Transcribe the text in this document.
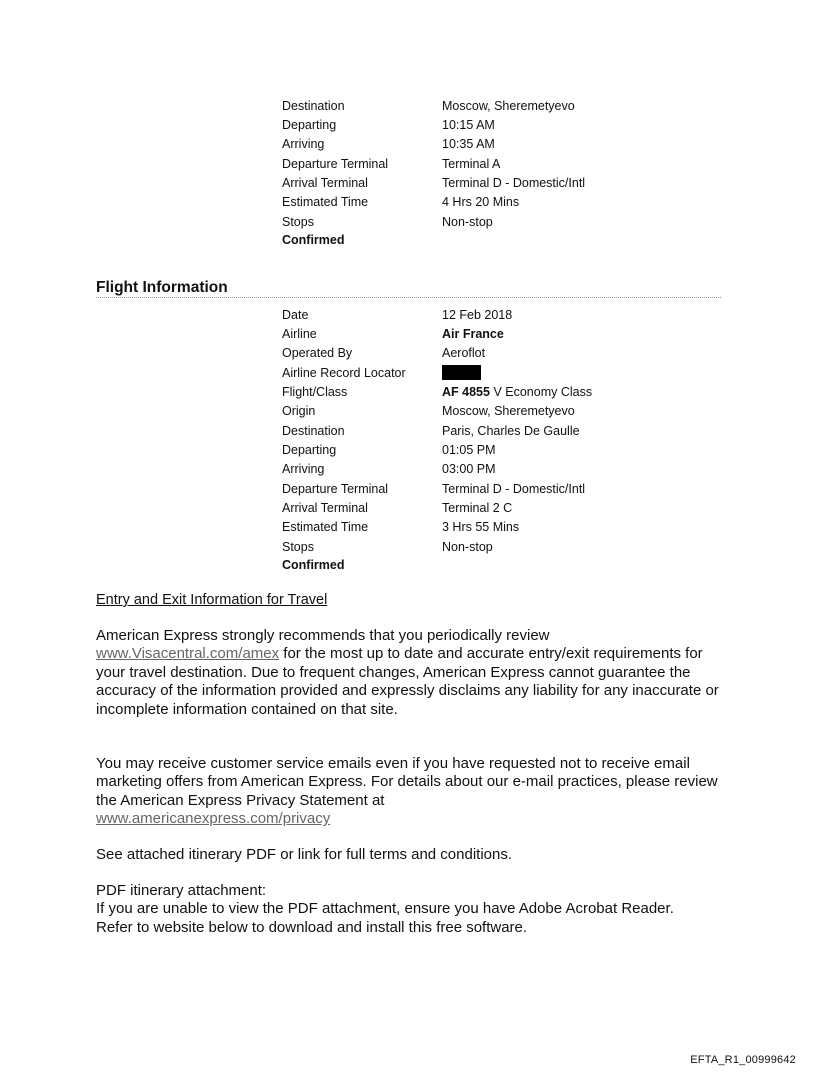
Destination	Moscow, Sheremetyevo
Departing	10:15 AM
Arriving	10:35 AM
Departure Terminal	Terminal A
Arrival Terminal	Terminal D - Domestic/Intl
Estimated Time	4 Hrs 20 Mins
Stops	Non-stop
Confirmed
Flight Information
Date	12 Feb 2018
Airline	Air France
Operated By	Aeroflot
Airline Record Locator
Flight/Class	AF 4855 V Economy Class
Origin	Moscow, Sheremetyevo
Destination	Paris, Charles De Gaulle
Departing	01:05 PM
Arriving	03:00 PM
Departure Terminal	Terminal D - Domestic/Intl
Arrival Terminal	Terminal 2 C
Estimated Time	3 Hrs 55 Mins
Stops	Non-stop
Confirmed

Entry and Exit Information for Travel

American Express strongly recommends that you periodically review www.Visacentral.com/amex for the most up to date and accurate entry/exit requirements for your travel destination. Due to frequent changes, American Express cannot guarantee the accuracy of the information provided and expressly disclaims any liability for any inaccurate or incomplete information contained on that site.

You may receive customer service emails even if you have requested not to receive email marketing offers from American Express. For details about our e-mail practices, please review the American Express Privacy Statement at
www.americanexpress.com/privacy

See attached itinerary PDF or link for full terms and conditions.

PDF itinerary attachment:
If you are unable to view the PDF attachment, ensure you have Adobe Acrobat Reader.
Refer to website below to download and install this free software.

EFTA_R1_00999642
